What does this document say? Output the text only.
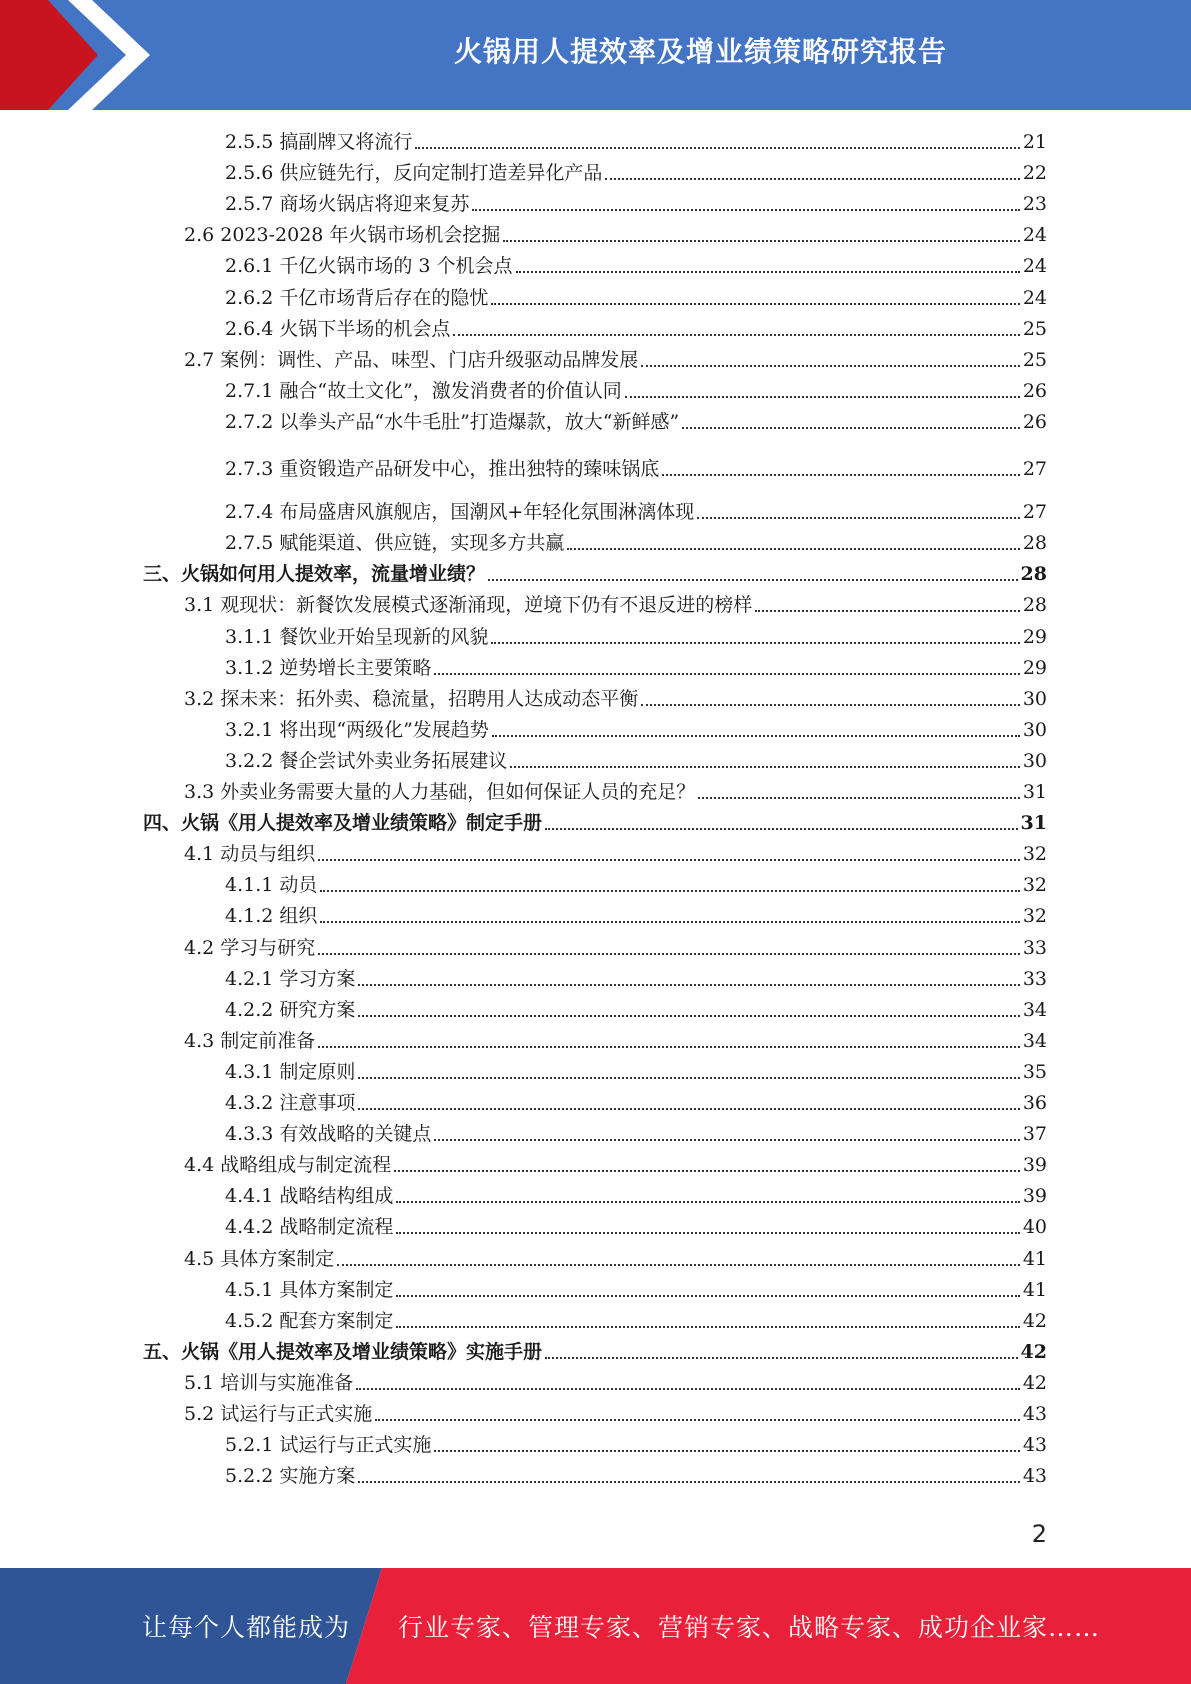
火锅用人提效率及增业绩策略研究报告
2.5.5 搞副牌又将流行	21
2.5.6 供应链先行，反向定制打造差异化产品	22
2.5.7 商场火锅店将迎来复苏	23
2.6 2023-2028 年火锅市场机会挖掘	24
2.6.1 千亿火锅市场的 3 个机会点	24
2.6.2 千亿市场背后存在的隐忧	24
2.6.4 火锅下半场的机会点	25
2.7 案例：调性、产品、味型、门店升级驱动品牌发展	25
2.7.1 融合“故土文化”，激发消费者的价值认同	26
2.7.2 以拳头产品“水牛毛肚”打造爆款，放大“新鲜感”	26
2.7.3 重资锻造产品研发中心，推出独特的臻味锅底	27
2.7.4 布局盛唐风旗舰店，国潮风+年轻化氛围淋漓体现	27
2.7.5 赋能渠道、供应链，实现多方共赢	28
三、火锅如何用人提效率，流量增业绩？	28
3.1 观现状：新餐饮发展模式逐渐涌现，逆境下仍有不退反进的榜样	28
3.1.1 餐饮业开始呈现新的风貌	29
3.1.2 逆势增长主要策略	29
3.2 探未来：拓外卖、稳流量，招聘用人达成动态平衡	30
3.2.1 将出现“两级化”发展趋势	30
3.2.2 餐企尝试外卖业务拓展建议	30
3.3 外卖业务需要大量的人力基础，但如何保证人员的充足？	31
四、火锅《用人提效率及增业绩策略》制定手册	31
4.1 动员与组织	32
4.1.1 动员	32
4.1.2 组织	32
4.2 学习与研究	33
4.2.1 学习方案	33
4.2.2 研究方案	34
4.3 制定前准备	34
4.3.1 制定原则	35
4.3.2 注意事项	36
4.3.3 有效战略的关键点	37
4.4 战略组成与制定流程	39
4.4.1 战略结构组成	39
4.4.2 战略制定流程	40
4.5 具体方案制定	41
4.5.1 具体方案制定	41
4.5.2 配套方案制定	42
五、火锅《用人提效率及增业绩策略》实施手册	42
5.1 培训与实施准备	42
5.2 试运行与正式实施	43
5.2.1 试运行与正式实施	43
5.2.2 实施方案	43
2
让每个人都能成为 行业专家、管理专家、营销专家、战略专家、成功企业家……
